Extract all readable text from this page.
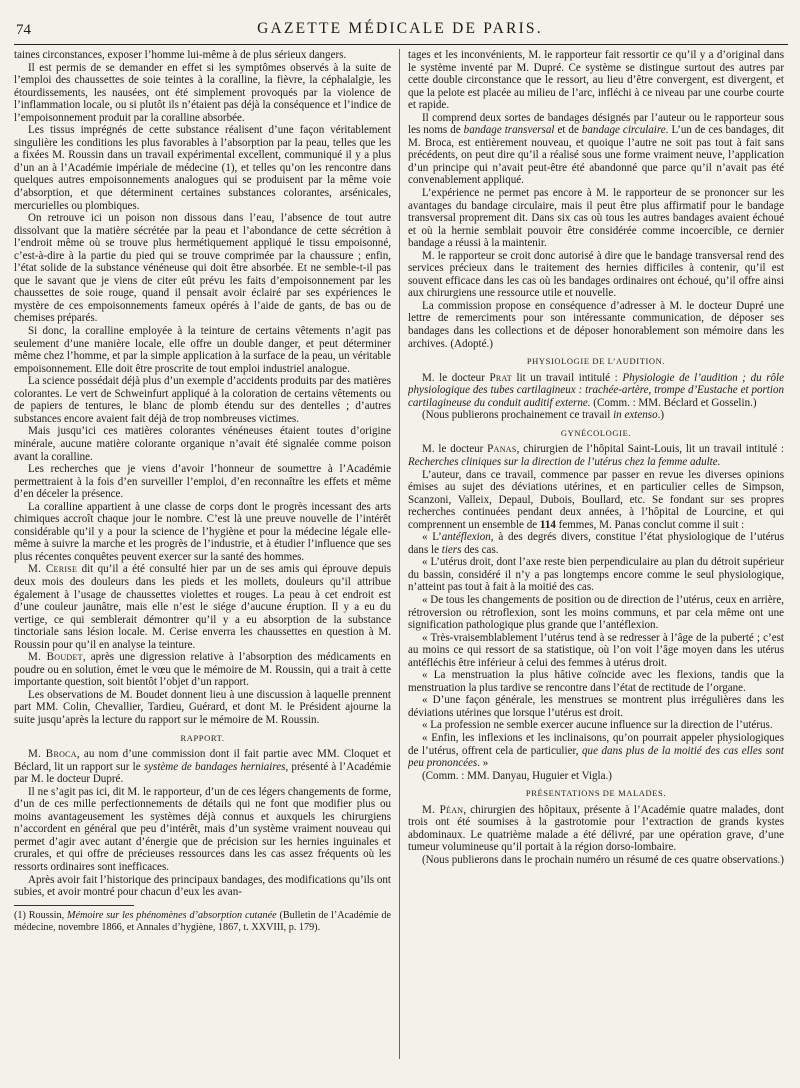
74	GAZETTE MÉDICALE DE PARIS.

taines circonstances, exposer l’homme lui-même à de plus sérieux dangers.

Il est permis de se demander en effet si les symptômes observés à la suite de l’emploi des chaussettes de soie teintes à la coralline, la fièvre, la céphalalgie, les étourdissements, les nausées, ont été simplement provoqués par la violence de l’inflammation locale, ou si plutôt ils n’étaient pas déjà la conséquence et l’indice de l’empoisonnement produit par la coralline absorbée.

Les tissus imprégnés de cette substance réalisent d’une façon véritablement singulière les conditions les plus favorables à l’absorption par la peau, telles que les a fixées M. Roussin dans un travail expérimental excellent, communiqué il y a plus d’un an à l’Académie impériale de médecine (1), et telles qu’on les rencontre dans quelques autres empoisonnements analogues qui se produisent par la même voie d’absorption, et que déterminent certaines substances colorantes, arsénicales, mercurielles ou plombiques.

On retrouve ici un poison non dissous dans l’eau, l’absence de tout autre dissolvant que la matière sécrétée par la peau et l’abondance de cette sécrétion à l’endroit même où se trouve plus hermétiquement appliqué le tissu empoisonné, c’est-à-dire à la partie du pied qui se trouve comprimée par la chaussure ; enfin, l’état solide de la substance vénéneuse qui doit être absorbée. Et ne semble-t-il pas que le savant que je viens de citer eût prévu les faits d’empoisonnement par les chaussettes de soie rouge, quand il pensait avoir éclairé par ses expériences le mystère de ces empoisonnements fameux opérés à l’aide de gants, de bas ou de chemises préparés.

Si donc, la coralline employée à la teinture de certains vêtements n’agit pas seulement d’une manière locale, elle offre un double danger, et peut déterminer même chez l’homme, et par la simple application à la surface de la peau, un véritable empoisonnement. Elle doit être proscrite de tout emploi industriel analogue.

La science possédait déjà plus d’un exemple d’accidents produits par des matières colorantes. Le vert de Schweinfurt appliqué à la coloration de certains vêtements ou de papiers de tentures, le blanc de plomb étendu sur des dentelles ; d’autres substances encore avaient fait déjà de trop nombreuses victimes.

Mais jusqu’ici ces matières colorantes vénéneuses étaient toutes d’origine minérale, aucune matière colorante organique n’avait été signalée comme poison avant la coralline.

Les recherches que je viens d’avoir l’honneur de soumettre à l’Académie permettraient à la fois d’en surveiller l’emploi, d’en reconnaître les effets et même d’en déceler la présence.

La coralline appartient à une classe de corps dont le progrès incessant des arts chimiques accroît chaque jour le nombre. C’est là une preuve nouvelle de l’intérêt considérable qu’il y a pour la science de l’hygiène et pour la médecine légale elle-même à suivre la marche et les progrès de l’industrie, et à étudier l’influence que ses plus récentes conquêtes peuvent exercer sur la santé des hommes.

M. Cerise dit qu’il a été consulté hier par un de ses amis qui éprouve depuis deux mois des douleurs dans les pieds et les mollets, douleurs qu’il attribue également à l’usage de chaussettes violettes et rouges. La peau à cet endroit est d’une couleur jaunâtre, mais elle n’est le siége d’aucune éruption. Il y a eu du vertige, ce qui semblerait démontrer qu’il y a eu absorption de la substance tinctoriale sans lésion locale. M. Cerise enverra les chaussettes en question à M. Roussin pour qu’il en analyse la teinture.

M. Boudet, après une digression relative à l’absorption des médicaments en poudre ou en solution, émet le vœu que le mémoire de M. Roussin, qui a trait à cette importante question, soit bientôt l’objet d’un rapport.

Les observations de M. Boudet donnent lieu à une discussion à laquelle prennent part MM. Colin, Chevallier, Tardieu, Guérard, et dont M. le Président ajourne la suite jusqu’après la lecture du rapport sur le mémoire de M. Roussin.

RAPPORT.

M. Broca, au nom d’une commission dont il fait partie avec MM. Cloquet et Béclard, lit un rapport sur le système de bandages herniaires, présenté à l’Académie par M. le docteur Dupré.

Il ne s’agit pas ici, dit M. le rapporteur, d’un de ces légers changements de forme, d’un de ces mille perfectionnements de détails qui ne font que modifier plus ou moins avantageusement les systèmes déjà connus et auxquels les chirurgiens n’accordent en général que peu d’intérêt, mais d’un système vraiment nouveau qui permet d’agir avec autant d’énergie que de précision sur les hernies inguinales et crurales, et qui offre de précieuses ressources dans les cas assez fréquents où les ressorts ordinaires sont inefficaces.

Après avoir fait l’historique des principaux bandages, des modifications qu’ils ont subies, et avoir montré pour chacun d’eux les avan-

(1) Roussin, Mémoire sur les phénomènes d’absorption cutanée (Bulletin de l’Académie de médecine, novembre 1866, et Annales d’hygiène, 1867, t. XXVIII, p. 179).

tages et les inconvénients, M. le rapporteur fait ressortir ce qu’il y a d’original dans le système inventé par M. Dupré. Ce système se distingue surtout des autres par cette double circonstance que le ressort, au lieu d’être convergent, est divergent, et que la pelote est placée au milieu de l’arc, infléchi à ce niveau par une courbe courte et rapide.

Il comprend deux sortes de bandages désignés par l’auteur ou le rapporteur sous les noms de bandage transversal et de bandage circulaire. L’un de ces bandages, dit M. Broca, est entièrement nouveau, et quoique l’autre ne soit pas tout à fait sans précédents, on peut dire qu’il a réalisé sous une forme vraiment neuve, l’application d’un principe qui n’avait peut-être été abandonné que parce qu’il n’avait pas été convenablement appliqué.

L’expérience ne permet pas encore à M. le rapporteur de se prononcer sur les avantages du bandage circulaire, mais il peut être plus affirmatif pour le bandage transversal proprement dit. Dans six cas où tous les autres bandages avaient échoué et où la hernie semblait pouvoir être considérée comme incoercible, ce dernier bandage a réussi à la maintenir.

M. le rapporteur se croit donc autorisé à dire que le bandage transversal rend des services précieux dans le traitement des hernies difficiles à contenir, qu’il est souvent efficace dans les cas où les bandages ordinaires ont échoué, qu’il offre ainsi aux chirurgiens une ressource utile et nouvelle.

La commission propose en conséquence d’adresser à M. le docteur Dupré une lettre de remerciments pour son intéressante communication, de déposer ses bandages dans les collections et de déposer honorablement son mémoire dans les archives. (Adopté.)

PHYSIOLOGIE DE L’AUDITION.

M. le docteur Prat lit un travail intitulé : Physiologie de l’audition ; du rôle physiologique des tubes cartilagineux : trachée-artère, trompe d’Eustache et portion cartilagineuse du conduit auditif externe. (Comm. : MM. Béclard et Gosselin.)

(Nous publierons prochainement ce travail in extenso.)

GYNÉCOLOGIE.

M. le docteur Panas, chirurgien de l’hôpital Saint-Louis, lit un travail intitulé : Recherches cliniques sur la direction de l’utérus chez la femme adulte.

L’auteur, dans ce travail, commence par passer en revue les diverses opinions émises au sujet des déviations utérines, et en particulier celles de Simpson, Scanzoni, Valleix, Depaul, Dubois, Boullard, etc. Se fondant sur ses propres recherches continuées pendant deux années, à l’hôpital de Lourcine, et qui comprennent un ensemble de 114 femmes, M. Panas conclut comme il suit :

« L’antéflexion, à des degrés divers, constitue l’état physiologique de l’utérus dans le tiers des cas.

« L’utérus droit, dont l’axe reste bien perpendiculaire au plan du détroit supérieur du bassin, considéré il n’y a pas longtemps encore comme le seul physiologique, n’atteint pas tout à fait à la moitié des cas.

« De tous les changements de position ou de direction de l’utérus, ceux en arrière, rétroversion ou rétroflexion, sont les moins communs, et par cela même ont une signification pathologique plus grande que l’antéflexion.

« Très-vraisemblablement l’utérus tend à se redresser à l’âge de la puberté ; c’est au moins ce qui ressort de sa statistique, où l’on voit l’âge moyen dans les utérus antéfléchis être inférieur à celui des femmes à utérus droit.

« La menstruation la plus hâtive coïncide avec les flexions, tandis que la menstruation la plus tardive se rencontre dans l’état de rectitude de l’organe.

« D’une façon générale, les menstrues se montrent plus irrégulières dans les déviations utérines que lorsque l’utérus est droit.

« La profession ne semble exercer aucune influence sur la direction de l’utérus.

« Enfin, les inflexions et les inclinaisons, qu’on pourrait appeler physiologiques de l’utérus, offrent cela de particulier, que dans plus de la moitié des cas elles sont peu prononcées. »

(Comm. : MM. Danyau, Huguier et Vigla.)

PRÉSENTATIONS DE MALADES.

M. Péan, chirurgien des hôpitaux, présente à l’Académie quatre malades, dont trois ont été soumises à la gastrotomie pour l’extraction de grands kystes abdominaux. Le quatrième malade a été délivré, par une opération grave, d’une tumeur volumineuse qu’il portait à la région dorso-lombaire.

(Nous publierons dans le prochain numéro un résumé de ces quatre observations.)
